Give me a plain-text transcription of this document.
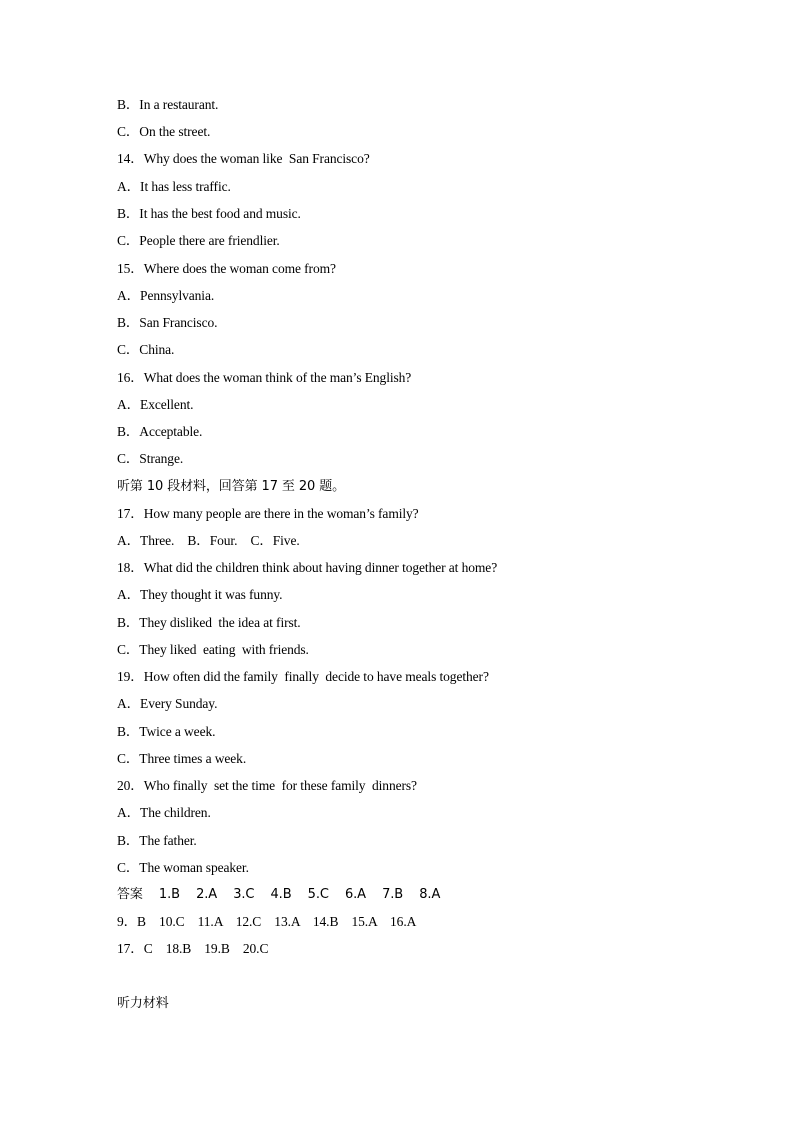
B．In a restaurant.
C．On the street.
14．Why does the woman like  San Francisco?
A．It has less traffic.
B．It has the best food and music.
C．People there are friendlier.
15．Where does the woman come from?
A．Pennsylvania.
B．San Francisco.
C．China.
16．What does the woman think of the man’s English?
A．Excellent.
B．Acceptable.
C．Strange.
听第 10 段材料，回答第 17 至 20 题。
17．How many people are there in the woman’s family?
A．Three.    B．Four.    C．Five.
18．What did the children think about having dinner together at home?
A．They thought it was funny.
B．They disliked  the idea at first.
C．They liked  eating  with friends.
19．How often did the family  finally  decide to have meals together?
A．Every Sunday.
B．Twice a week.
C．Three times a week.
20．Who finally  set the time  for these family  dinners?
A．The children.
B．The father.
C．The woman speaker.
答案    1.B    2.A    3.C    4.B    5.C    6.A    7.B    8.A
9．B    10.C    11.A    12.C    13.A    14.B    15.A    16.A
17．C    18.B    19.B    20.C
听力材料
